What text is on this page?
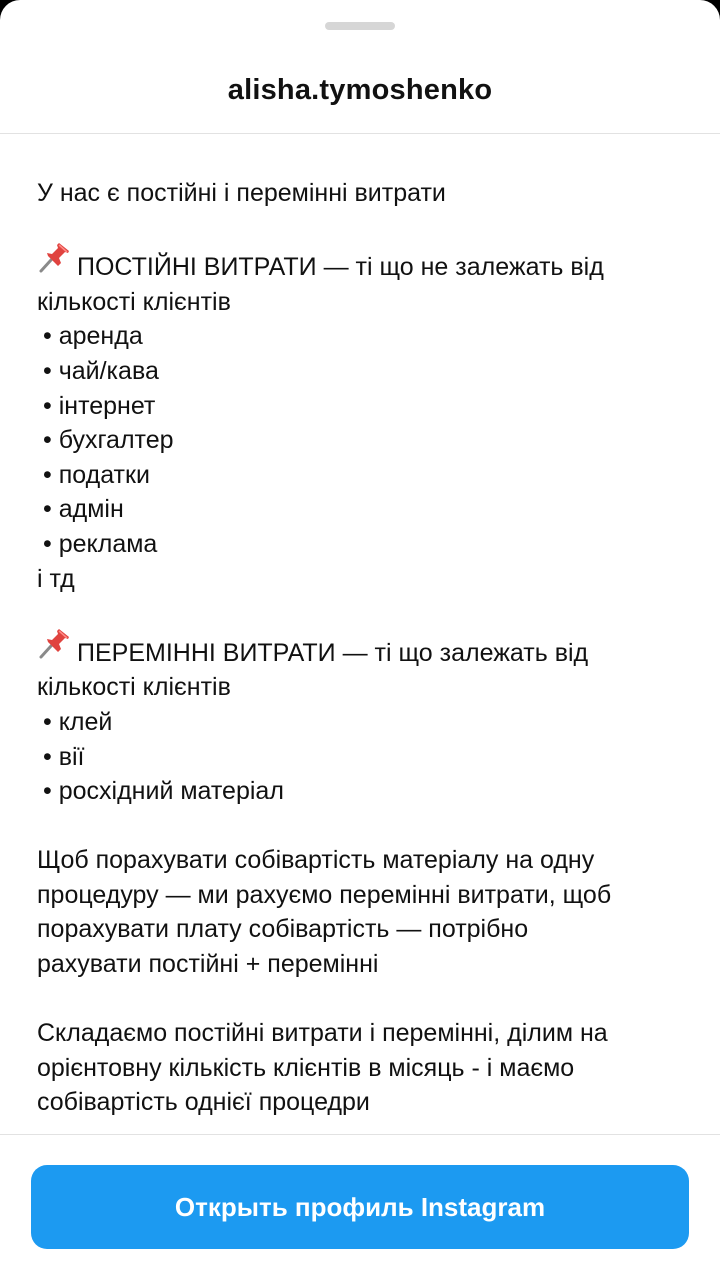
alisha.tymoshenko
У нас є постійні і перемінні витрати
ПОСТІЙНІ ВИТРАТИ — ті що не залежать від
кількості клієнтів
• аренда
• чай/кава
• інтернет
• бухгалтер
• податки
• адмін
• реклама
і тд
ПЕРЕМІННІ ВИТРАТИ — ті що залежать від
кількості клієнтів
• клей
• вії
• росхідний матеріал
Щоб порахувати собівартість матеріалу на одну
процедуру — ми рахуємо перемінні витрати, щоб
порахувати плату собівартість — потрібно
рахувати постійні + перемінні
Складаємо постійні витрати і перемінні, ділим на
орієнтовну кількість клієнтів в місяць - і маємо
собівартість однієї процедри
Открыть профиль Instagram
